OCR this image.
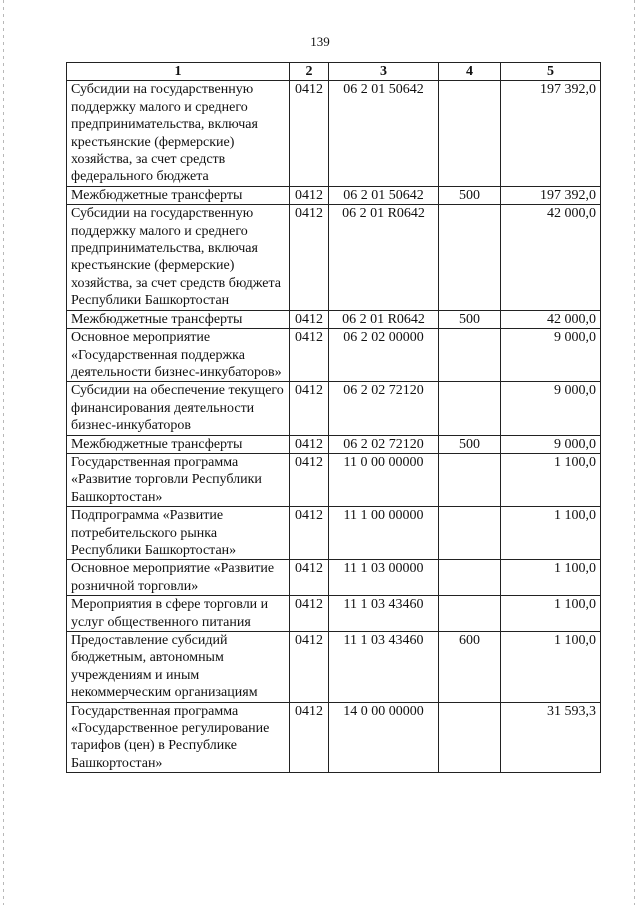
139
1	2	3	4	5
Субсидии на государственную поддержку малого и среднего предпринимательства, включая крестьянские (фермерские) хозяйства, за счет средств федерального бюджета	0412	06 2 01 50642		197 392,0
Межбюджетные трансферты	0412	06 2 01 50642	500	197 392,0
Субсидии на государственную поддержку малого и среднего предпринимательства, включая крестьянские (фермерские) хозяйства, за счет средств бюджета Республики Башкортостан	0412	06 2 01 R0642		42 000,0
Межбюджетные трансферты	0412	06 2 01 R0642	500	42 000,0
Основное мероприятие «Государственная поддержка деятельности бизнес-инкубаторов»	0412	06 2 02 00000		9 000,0
Субсидии на обеспечение текущего финансирования деятельности бизнес-инкубаторов	0412	06 2 02 72120		9 000,0
Межбюджетные трансферты	0412	06 2 02 72120	500	9 000,0
Государственная программа «Развитие торговли Республики Башкортостан»	0412	11 0 00 00000		1 100,0
Подпрограмма «Развитие потребительского рынка Республики Башкортостан»	0412	11 1 00 00000		1 100,0
Основное мероприятие «Развитие розничной торговли»	0412	11 1 03 00000		1 100,0
Мероприятия в сфере торговли и услуг общественного питания	0412	11 1 03 43460		1 100,0
Предоставление субсидий бюджетным, автономным учреждениям и иным некоммерческим организациям	0412	11 1 03 43460	600	1 100,0
Государственная программа «Государственное регулирование тарифов (цен) в Республике Башкортостан»	0412	14 0 00 00000		31 593,3
